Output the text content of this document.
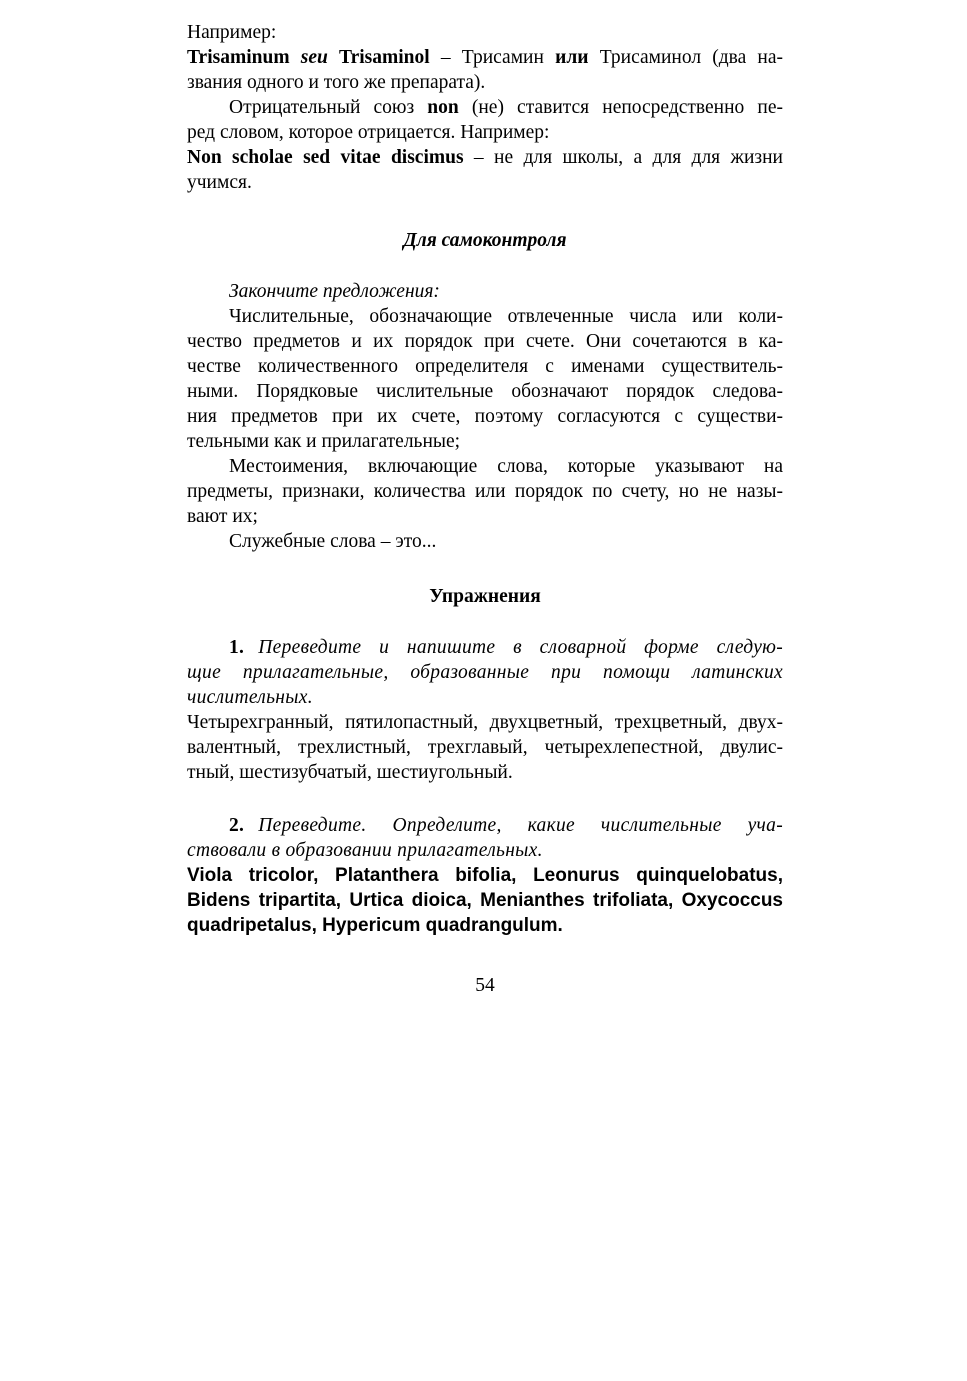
Например:
Trisaminum seu Trisaminol – Трисамин или Трисаминол (два на-
звания одного и того же препарата).
Отрицательный союз non (не) ставится непосредственно пе-
ред словом, которое отрицается. Например:
Non scholae sed vitae discimus – не для школы, а для для жизни
учимся.
Для самоконтроля
Закончите предложения:
Числительные, обозначающие отвлеченные числа или коли-
чество предметов и их порядок при счете. Они сочетаются в ка-
честве количественного определителя с именами существитель-
ными. Порядковые числительные обозначают порядок следова-
ния предметов при их счете, поэтому согласуются с существи-
тельными как и прилагательные;
Местоимения, включающие слова, которые указывают на
предметы, признаки, количества или порядок по счету, но не назы-
вают их;
Служебные слова – это...
Упражнения
1. Переведите и напишите в словарной форме следую-
щие прилагательные, образованные при помощи латинских
числительных.
Четырехгранный, пятилопастный, двухцветный, трехцветный, двух-
валентный, трехлистный, трехглавый, четырехлепестной, двулис-
тный, шестизубчатый, шестиугольный.
2. Переведите. Определите, какие числительные уча-
ствовали в образовании прилагательных.
Viola tricolor, Platanthera bifolia, Leonurus quinquelobatus,
Bidens tripartita, Urtica dioica, Menianthes trifoliata, Oxycoccus
quadripetalus, Hypericum quadrangulum.
54
